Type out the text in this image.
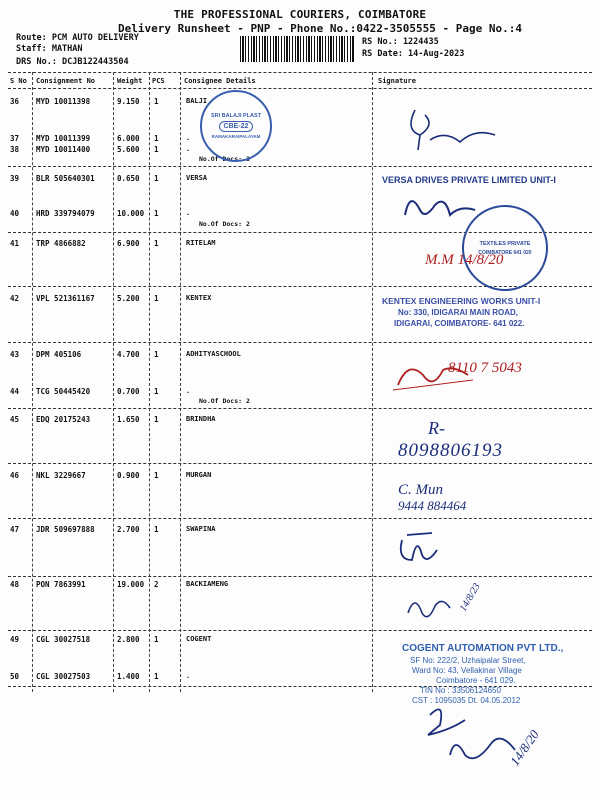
THE PROFESSIONAL COURIERS, COIMBATORE
Delivery Runsheet - PNP - Phone No.:0422-3505555 - Page No.:4
Route: PCM AUTO DELIVERY
Staff: MATHAN
DRS No.: DCJB122443504
RS No.: 1224435
RS Date: 14-Aug-2023
S No Consignment No	Weight PCS	Consignee Details	Signature
36 MYD 10011398	9.150 1	BALJI
37 MYD 10011399	6.000 1	.
38 MYD 10011400	5.600 1	.
No.Of Docs: 3
39 BLR 505640301	0.650 1	VERSA
40 HRD 339794079	10.000 1	.
No.Of Docs: 2
41 TRP 4866882	6.900 1	RITELAM
42 VPL 521361167	5.200 1	KENTEX
43 DPM 405106	4.700 1	ADHITYASCHOOL
44 TCG 50445420	0.700 1	.
No.Of Docs: 2
45 EDQ 20175243	1.650 1	BRINDHA
46 NKL 3229667	0.900 1	MURGAN
47 JDR 509697888	2.700 1	SWAPINA
48 PON 7863991	19.000 2	BACKIAMENG
49 CGL 30027518	2.800 1	COGENT
50 CGL 30027503	1.400 1	.
SRI BALAJI PLAST
CBE-22
RAMAKARAIPALAYAM
VERSA DRIVES PRIVATE LIMITED UNIT-I
TEXTILES PRIVATE
COIMBATORE 641 020
M.M 14/8/20
KENTEX ENGINEERING WORKS UNIT-I
No: 330, IDIGARAI MAIN ROAD,
IDIGARAI, COIMBATORE- 641 022.
8110 7 5043
R-
8098806193
C. Mun
9444 884464
14/8/23
COGENT AUTOMATION PVT LTD.,
SF No: 222/2, Uzhaipalar Street,
Ward No: 43, Vellakinar Village
Coimbatore - 641 029.
TIN No : 33506124650
CST : 1095035 Dt. 04.05.2012
14/8/20
